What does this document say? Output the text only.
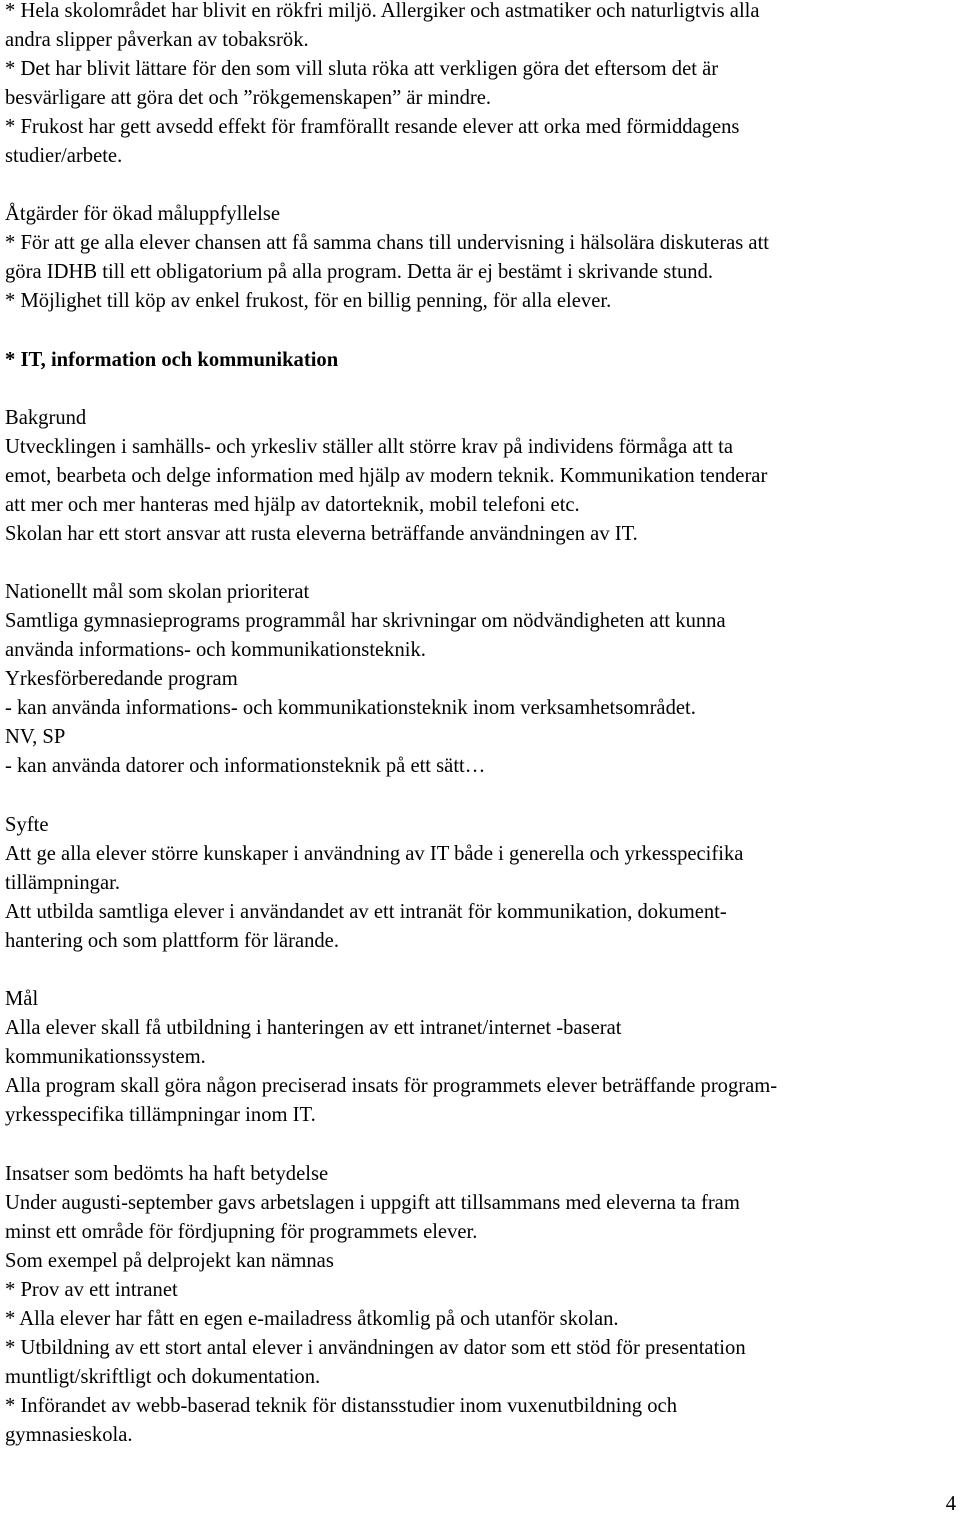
* Hela skolområdet har blivit en rökfri miljö. Allergiker och astmatiker och naturligtvis alla
andra slipper påverkan av tobaksrök.
* Det har blivit lättare för den som vill sluta röka att verkligen göra det eftersom det är
besvärligare att göra det och ”rökgemenskapen” är mindre.
* Frukost har gett avsedd effekt för framförallt resande elever att orka med förmiddagens
studier/arbete.
Åtgärder för ökad måluppfyllelse
* För att ge alla elever chansen att få samma chans till undervisning i hälsolära diskuteras att
göra IDHB till ett obligatorium på alla program. Detta är ej bestämt i skrivande stund.
* Möjlighet till köp av enkel frukost, för en billig penning, för alla elever.
* IT, information och kommunikation
Bakgrund
Utvecklingen i samhälls- och yrkesliv ställer allt större krav på individens förmåga att ta
emot, bearbeta och delge information med hjälp av modern teknik. Kommunikation tenderar
att mer och mer hanteras med hjälp av datorteknik, mobil telefoni etc.
Skolan har ett stort ansvar att rusta eleverna beträffande användningen av IT.
Nationellt mål som skolan prioriterat
Samtliga gymnasieprograms programmål har skrivningar om nödvändigheten att kunna
använda informations- och kommunikationsteknik.
Yrkesförberedande program
- kan använda informations- och kommunikationsteknik inom verksamhetsområdet.
NV, SP
- kan använda datorer och informationsteknik på ett sätt…
Syfte
Att ge alla elever större kunskaper i användning av IT både i generella och yrkesspecifika
tillämpningar.
Att utbilda samtliga elever i användandet av ett intranät för kommunikation, dokument-
hantering och som plattform för lärande.
Mål
Alla elever skall få utbildning i hanteringen av ett intranet/internet -baserat
kommunikationssystem.
Alla program skall göra någon preciserad insats för programmets elever beträffande program-
yrkesspecifika tillämpningar inom IT.
Insatser som bedömts ha haft betydelse
Under augusti-september gavs arbetslagen i uppgift att tillsammans med eleverna ta fram
minst ett område för fördjupning för programmets elever.
Som exempel på delprojekt kan nämnas
* Prov av ett intranet
* Alla elever har fått en egen e-mailadress åtkomlig på och utanför skolan.
* Utbildning av ett stort antal elever i användningen av dator som ett stöd för presentation
muntligt/skriftligt och dokumentation.
* Införandet av webb-baserad teknik för distansstudier inom vuxenutbildning och
gymnasieskola.
4
